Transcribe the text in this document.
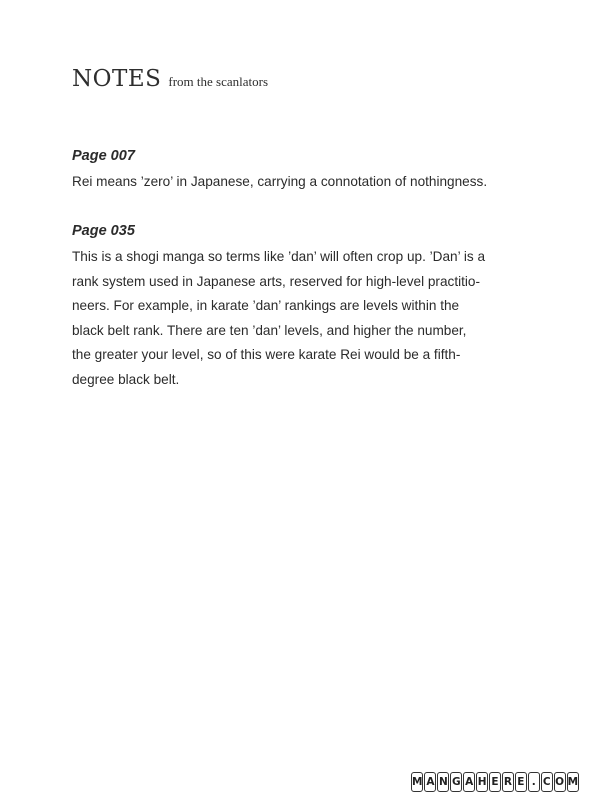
NOTES from the scanlators
Page 007
Rei means ’zero’ in Japanese, carrying a connotation of nothingness.
Page 035
This is a shogi manga so terms like ’dan’ will often crop up. ’Dan’ is a
rank system used in Japanese arts, reserved for high-level practitio-
neers. For example, in karate ’dan’ rankings are levels within the
black belt rank. There are ten ’dan’ levels, and higher the number,
the greater your level, so of this were karate Rei would be a fifth-
degree black belt.
M A N G A H E R E . C O M
